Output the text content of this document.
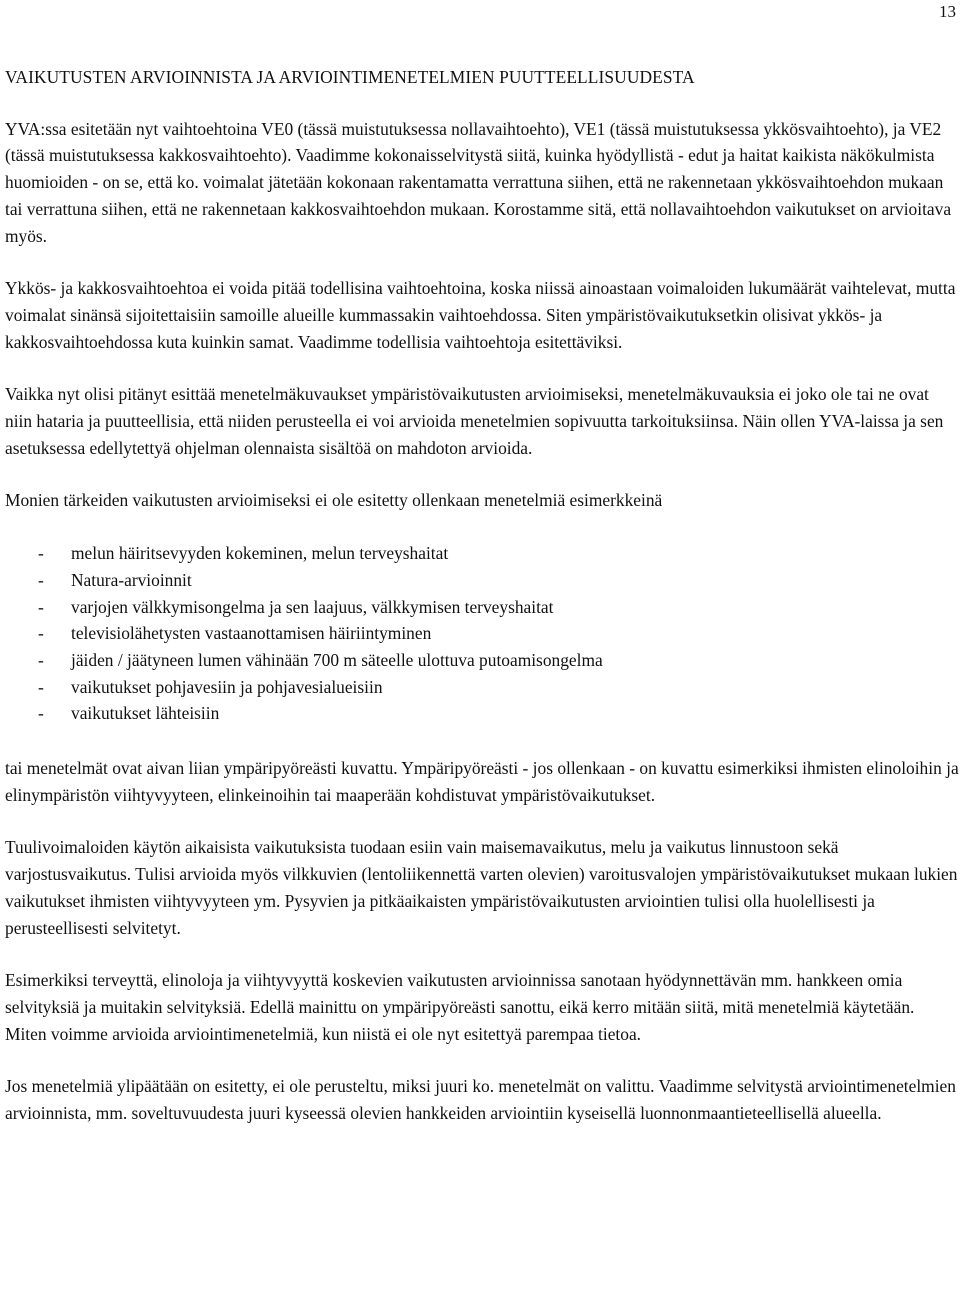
13
VAIKUTUSTEN ARVIOINNISTA JA ARVIOINTIMENETELMIEN PUUTTEELLISUUDESTA

YVA:ssa esitetään nyt vaihtoehtoina VE0 (tässä muistutuksessa nollavaihtoehto), VE1 (tässä muistutuksessa ykkösvaihtoehto), ja VE2 (tässä muistutuksessa kakkosvaihtoehto). Vaadimme kokonaisselvitystä siitä, kuinka hyödyllistä - edut ja haitat kaikista näkökulmista huomioiden - on se, että ko. voimalat jätetään kokonaan rakentamatta verrattuna siihen, että ne rakennetaan ykkösvaihtoehdon mukaan tai verrattuna siihen, että ne rakennetaan kakkosvaihtoehdon mukaan. Korostamme sitä, että nollavaihtoehdon vaikutukset on arvioitava myös.

Ykkös- ja kakkosvaihtoehtoa ei voida pitää todellisina vaihtoehtoina, koska niissä ainoastaan voimaloiden lukumäärät vaihtelevat, mutta voimalat sinänsä sijoitettaisiin samoille alueille kummassakin vaihtoehdossa. Siten ympäristövaikutuksetkin olisivat ykkös- ja kakkosvaihtoehdossa kuta kuinkin samat. Vaadimme todellisia vaihtoehtoja esitettäviksi.

Vaikka nyt olisi pitänyt esittää menetelmäkuvaukset ympäristövaikutusten arvioimiseksi, menetelmäkuvauksia ei joko ole tai ne ovat niin hataria ja puutteellisia, että niiden perusteella ei voi arvioida menetelmien sopivuutta tarkoituksiinsa. Näin ollen YVA-laissa ja sen asetuksessa edellytettyä ohjelman olennaista sisältöä on mahdoton arvioida.

Monien tärkeiden vaikutusten arvioimiseksi ei ole esitetty ollenkaan menetelmiä esimerkkeinä

- melun häiritsevyyden kokeminen, melun terveyshaitat
- Natura-arvioinnit
- varjojen välkkymisongelma ja sen laajuus, välkkymisen terveyshaitat
- televisiolähetysten vastaanottamisen häiriintyminen
- jäiden / jäätyneen lumen vähinään 700 m säteelle ulottuva putoamisongelma
- vaikutukset pohjavesiin ja pohjavesialueisiin
- vaikutukset lähteisiin

tai menetelmät ovat aivan liian ympäripyöreästi kuvattu. Ympäripyöreästi - jos ollenkaan - on kuvattu esimerkiksi ihmisten elinoloihin ja elinympäristön viihtyvyyteen, elinkeinoihin tai maaperään kohdistuvat ympäristövaikutukset.

Tuulivoimaloiden käytön aikaisista vaikutuksista tuodaan esiin vain maisemavaikutus, melu ja vaikutus linnustoon sekä varjostusvaikutus. Tulisi arvioida myös vilkkuvien (lentoliikennettä varten olevien) varoitusvalojen ympäristövaikutukset mukaan lukien vaikutukset ihmisten viihtyvyyteen ym. Pysyvien ja pitkäaikaisten ympäristövaikutusten arviointien tulisi olla huolellisesti ja perusteellisesti selvitetyt.

Esimerkiksi terveyttä, elinoloja ja viihtyvyyttä koskevien vaikutusten arvioinnissa sanotaan hyödynnettävän mm. hankkeen omia selvityksiä ja muitakin selvityksiä. Edellä mainittu on ympäripyöreästi sanottu, eikä kerro mitään siitä, mitä menetelmiä käytetään. Miten voimme arvioida arviointimenetelmiä, kun niistä ei ole nyt esitettyä parempaa tietoa.

Jos menetelmiä ylipäätään on esitetty, ei ole perusteltu, miksi juuri ko. menetelmät on valittu. Vaadimme selvitystä arviointimenetelmien arvioinnista, mm. soveltuvuudesta juuri kyseessä olevien hankkeiden arviointiin kyseisellä luonnonmaantieteellisellä alueella.
